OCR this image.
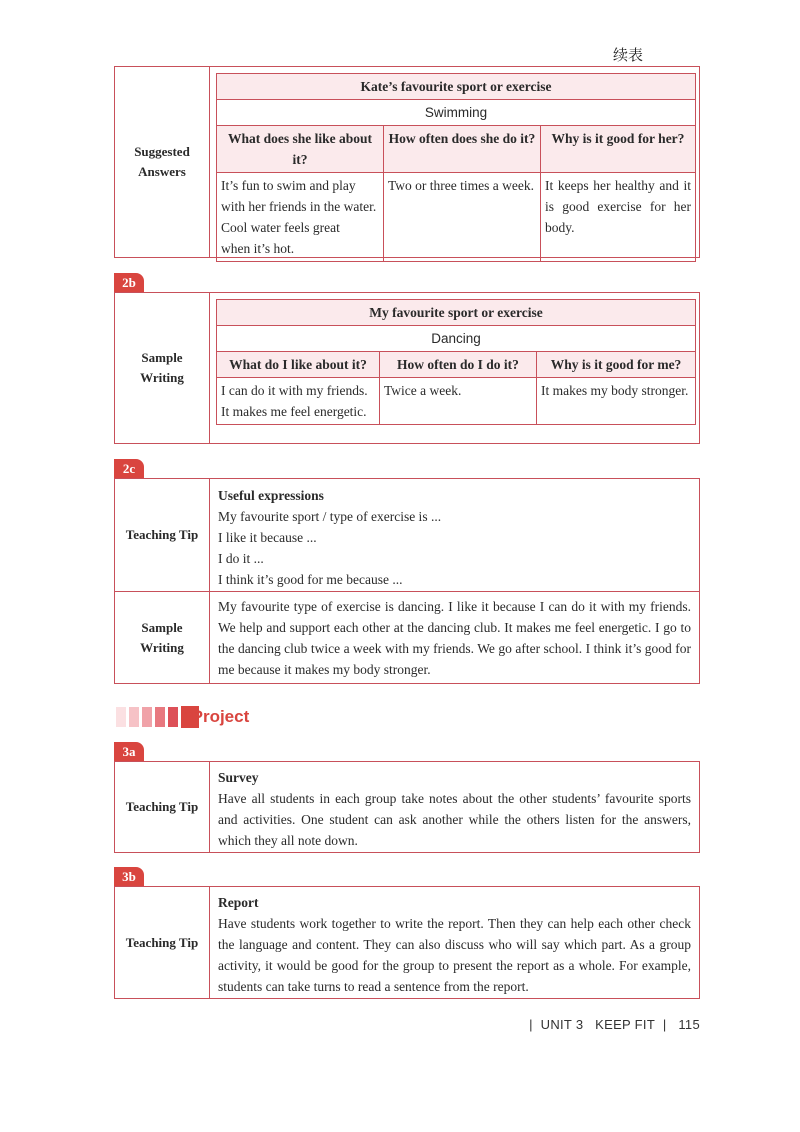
续表
Suggested
Answers
Kate’s favourite sport or exercise		
Swimming		
What does she like about it?	How often does she do it?	Why is it good for her?

It’s fun to swim and play
with her friends in the water.
Cool water feels great
when it’s hot.	Two or three times a week.	It keeps her healthy and it is good exercise for her body.
2b
Sample
Writing
My favourite sport or exercise		
Dancing		
What do I like about it?	How often do I do it?	Why is it good for me?

I can do it with my friends.
It makes me feel energetic.	Twice a week.	It makes my body stronger.
2c
Teaching Tip
Useful expressions
My favourite sport / type of exercise is ...
I like it because ...
I do it ...
I think it’s good for me because ...
Sample
Writing
My favourite type of exercise is dancing. I like it because I can do it with my friends. We help and support each other at the dancing club. It makes me feel energetic. I go to the dancing club twice a week with my friends. We go after school. I think it’s good for me because it makes my body stronger.
*Project
3a
Teaching Tip
Survey
Have all students in each group take notes about the other students’ favourite sports and activities. One student can ask another while the others listen for the answers, which they all note down.
3b
Teaching Tip
Report
Have students work together to write the report. Then they can help each other check the language and content. They can also discuss who will say which part. As a group activity, it would be good for the group to present the report as a whole. For example, students can take turns to read a sentence from the report.
| UNIT 3 KEEP FIT | 115
